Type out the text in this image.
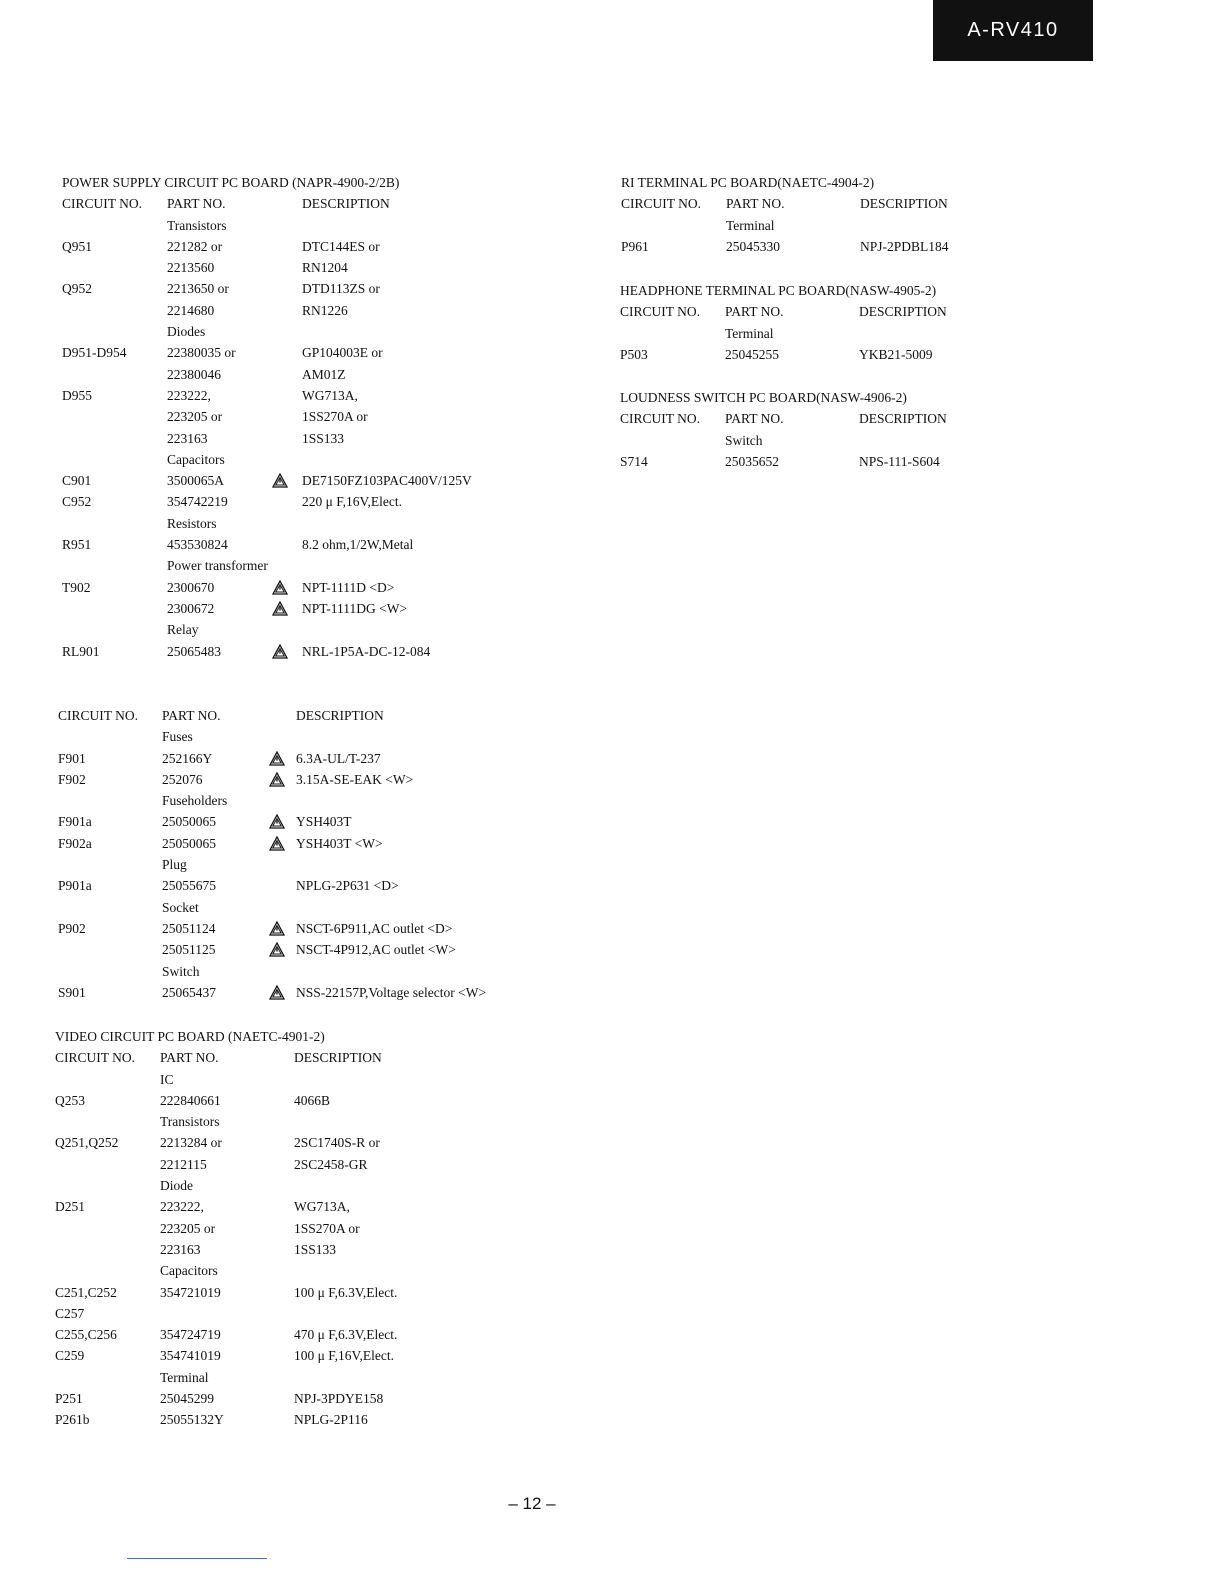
A-RV410
POWER SUPPLY CIRCUIT PC BOARD (NAPR-4900-2/2B)
CIRCUIT NO. PART NO.	DESCRIPTION
Transistors
Q951	221282 or	DTC144ES or
2213560	RN1204
Q952	2213650 or	DTD113ZS or
2214680	RN1226
Diodes
D951-D954	22380035 or	GP104003E or
22380046	AM01Z
D955	223222,	WG713A,
223205 or	1SS270A or
223163	1SS133
Capacitors
C901	3500065A	DE7150FZ103PAC400V/125V
C952	354742219	220 μ F,16V,Elect.
Resistors
R951	453530824	8.2 ohm,1/2W,Metal
Power transformer
T902	2300670	NPT-1111D <D>
2300672	NPT-1111DG <W>
Relay
RL901	25065483	NRL-1P5A-DC-12-084
CIRCUIT NO. PART NO.	DESCRIPTION
Fuses
F901	252166Y	6.3A-UL/T-237
F902	252076	3.15A-SE-EAK <W>
Fuseholders
F901a	25050065	YSH403T
F902a	25050065	YSH403T <W>
Plug
P901a	25055675	NPLG-2P631 <D>
Socket
P902	25051124	NSCT-6P911,AC outlet <D>
25051125	NSCT-4P912,AC outlet <W>
Switch
S901	25065437	NSS-22157P,Voltage selector <W>
VIDEO CIRCUIT PC BOARD (NAETC-4901-2)
CIRCUIT NO. PART NO.	DESCRIPTION
IC
Q253	222840661	4066B
Transistors
Q251,Q252	2213284 or	2SC1740S-R or
2212115	2SC2458-GR
Diode
D251	223222,	WG713A,
223205 or	1SS270A or
223163	1SS133
Capacitors
C251,C252	354721019	100 μ F,6.3V,Elect.
C257
C255,C256	354724719	470 μ F,6.3V,Elect.
C259	354741019	100 μ F,16V,Elect.
Terminal
P251	25045299	NPJ-3PDYE158
P261b	25055132Y	NPLG-2P116
RI TERMINAL PC BOARD(NAETC-4904-2)
CIRCUIT NO. PART NO.	DESCRIPTION
Terminal
P961	25045330	NPJ-2PDBL184
HEADPHONE TERMINAL PC BOARD(NASW-4905-2)
CIRCUIT NO. PART NO.	DESCRIPTION
Terminal
P503	25045255	YKB21-5009
LOUDNESS SWITCH PC BOARD(NASW-4906-2)
CIRCUIT NO. PART NO.	DESCRIPTION
Switch
S714	25035652	NPS-111-S604
– 12 –
